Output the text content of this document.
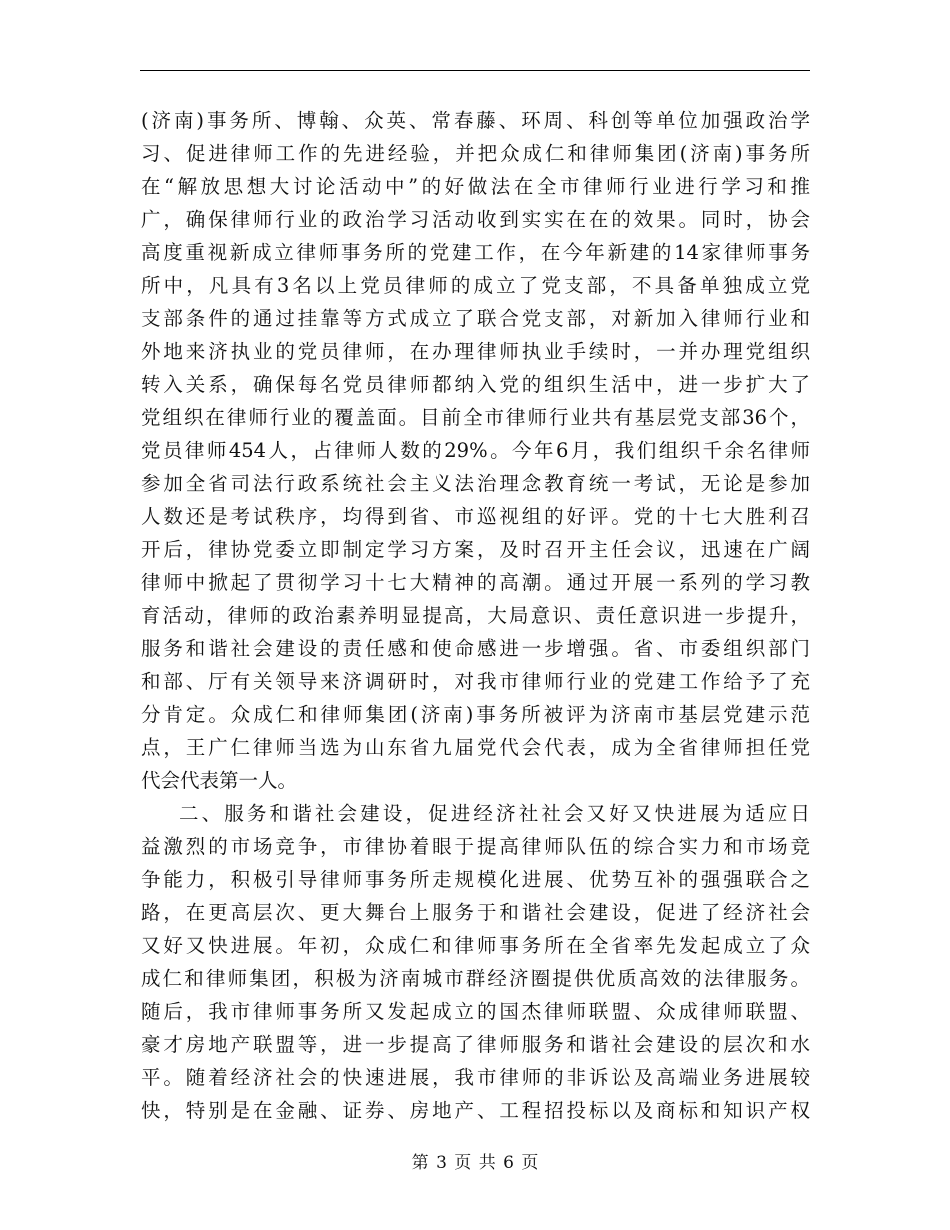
(济南)事务所、博翰、众英、常春藤、环周、科创等单位加强政治学
习、促进律师工作的先进经验，并把众成仁和律师集团(济南)事务所
在“解放思想大讨论活动中”的好做法在全市律师行业进行学习和推
广，确保律师行业的政治学习活动收到实实在在的效果。同时，协会
高度重视新成立律师事务所的党建工作，在今年新建的14家律师事务
所中，凡具有3名以上党员律师的成立了党支部，不具备单独成立党
支部条件的通过挂靠等方式成立了联合党支部，对新加入律师行业和
外地来济执业的党员律师，在办理律师执业手续时，一并办理党组织
转入关系，确保每名党员律师都纳入党的组织生活中，进一步扩大了
党组织在律师行业的覆盖面。目前全市律师行业共有基层党支部36个，
党员律师454人，占律师人数的29%。今年6月，我们组织千余名律师
参加全省司法行政系统社会主义法治理念教育统一考试，无论是参加
人数还是考试秩序，均得到省、市巡视组的好评。党的十七大胜利召
开后，律协党委立即制定学习方案，及时召开主任会议，迅速在广阔
律师中掀起了贯彻学习十七大精神的高潮。通过开展一系列的学习教
育活动，律师的政治素养明显提高，大局意识、责任意识进一步提升，
服务和谐社会建设的责任感和使命感进一步增强。省、市委组织部门
和部、厅有关领导来济调研时，对我市律师行业的党建工作给予了充
分肯定。众成仁和律师集团(济南)事务所被评为济南市基层党建示范
点，王广仁律师当选为山东省九届党代会代表，成为全省律师担任党
代会代表第一人。
二、服务和谐社会建设，促进经济社社会又好又快进展为适应日
益激烈的市场竞争，市律协着眼于提高律师队伍的综合实力和市场竞
争能力，积极引导律师事务所走规模化进展、优势互补的强强联合之
路，在更高层次、更大舞台上服务于和谐社会建设，促进了经济社会
又好又快进展。年初，众成仁和律师事务所在全省率先发起成立了众
成仁和律师集团，积极为济南城市群经济圈提供优质高效的法律服务。
随后，我市律师事务所又发起成立的国杰律师联盟、众成律师联盟、
豪才房地产联盟等，进一步提高了律师服务和谐社会建设的层次和水
平。随着经济社会的快速进展，我市律师的非诉讼及高端业务进展较
快，特别是在金融、证券、房地产、工程招投标以及商标和知识产权
第 3 页 共 6 页
